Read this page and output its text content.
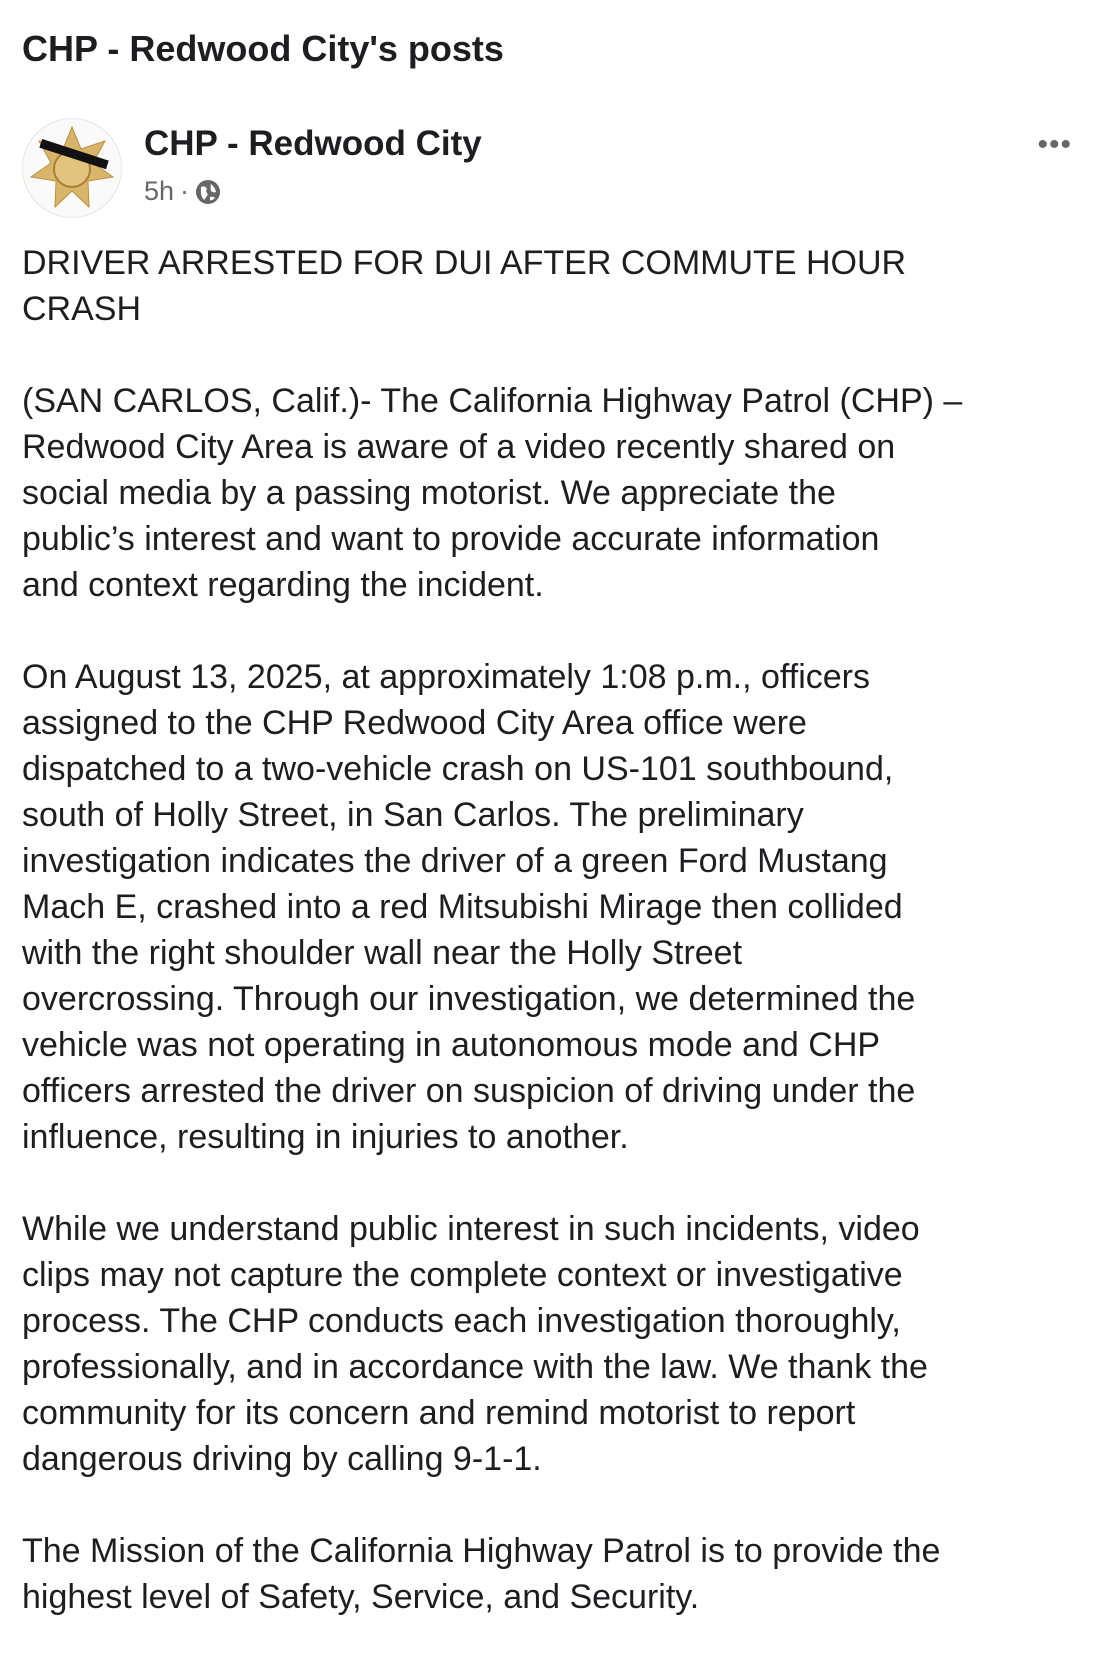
CHP - Redwood City's posts
CHP - Redwood City
5h ·
•••
DRIVER ARRESTED FOR DUI AFTER COMMUTE HOUR
CRASH
(SAN CARLOS, Calif.)- The California Highway Patrol (CHP) –
Redwood City Area is aware of a video recently shared on
social media by a passing motorist. We appreciate the
public’s interest and want to provide accurate information
and context regarding the incident.
On August 13, 2025, at approximately 1:08 p.m., officers
assigned to the CHP Redwood City Area office were
dispatched to a two-vehicle crash on US-101 southbound,
south of Holly Street, in San Carlos. The preliminary
investigation indicates the driver of a green Ford Mustang
Mach E, crashed into a red Mitsubishi Mirage then collided
with the right shoulder wall near the Holly Street
overcrossing. Through our investigation, we determined the
vehicle was not operating in autonomous mode and CHP
officers arrested the driver on suspicion of driving under the
influence, resulting in injuries to another.
While we understand public interest in such incidents, video
clips may not capture the complete context or investigative
process. The CHP conducts each investigation thoroughly,
professionally, and in accordance with the law. We thank the
community for its concern and remind motorist to report
dangerous driving by calling 9-1-1.
The Mission of the California Highway Patrol is to provide the
highest level of Safety, Service, and Security.
